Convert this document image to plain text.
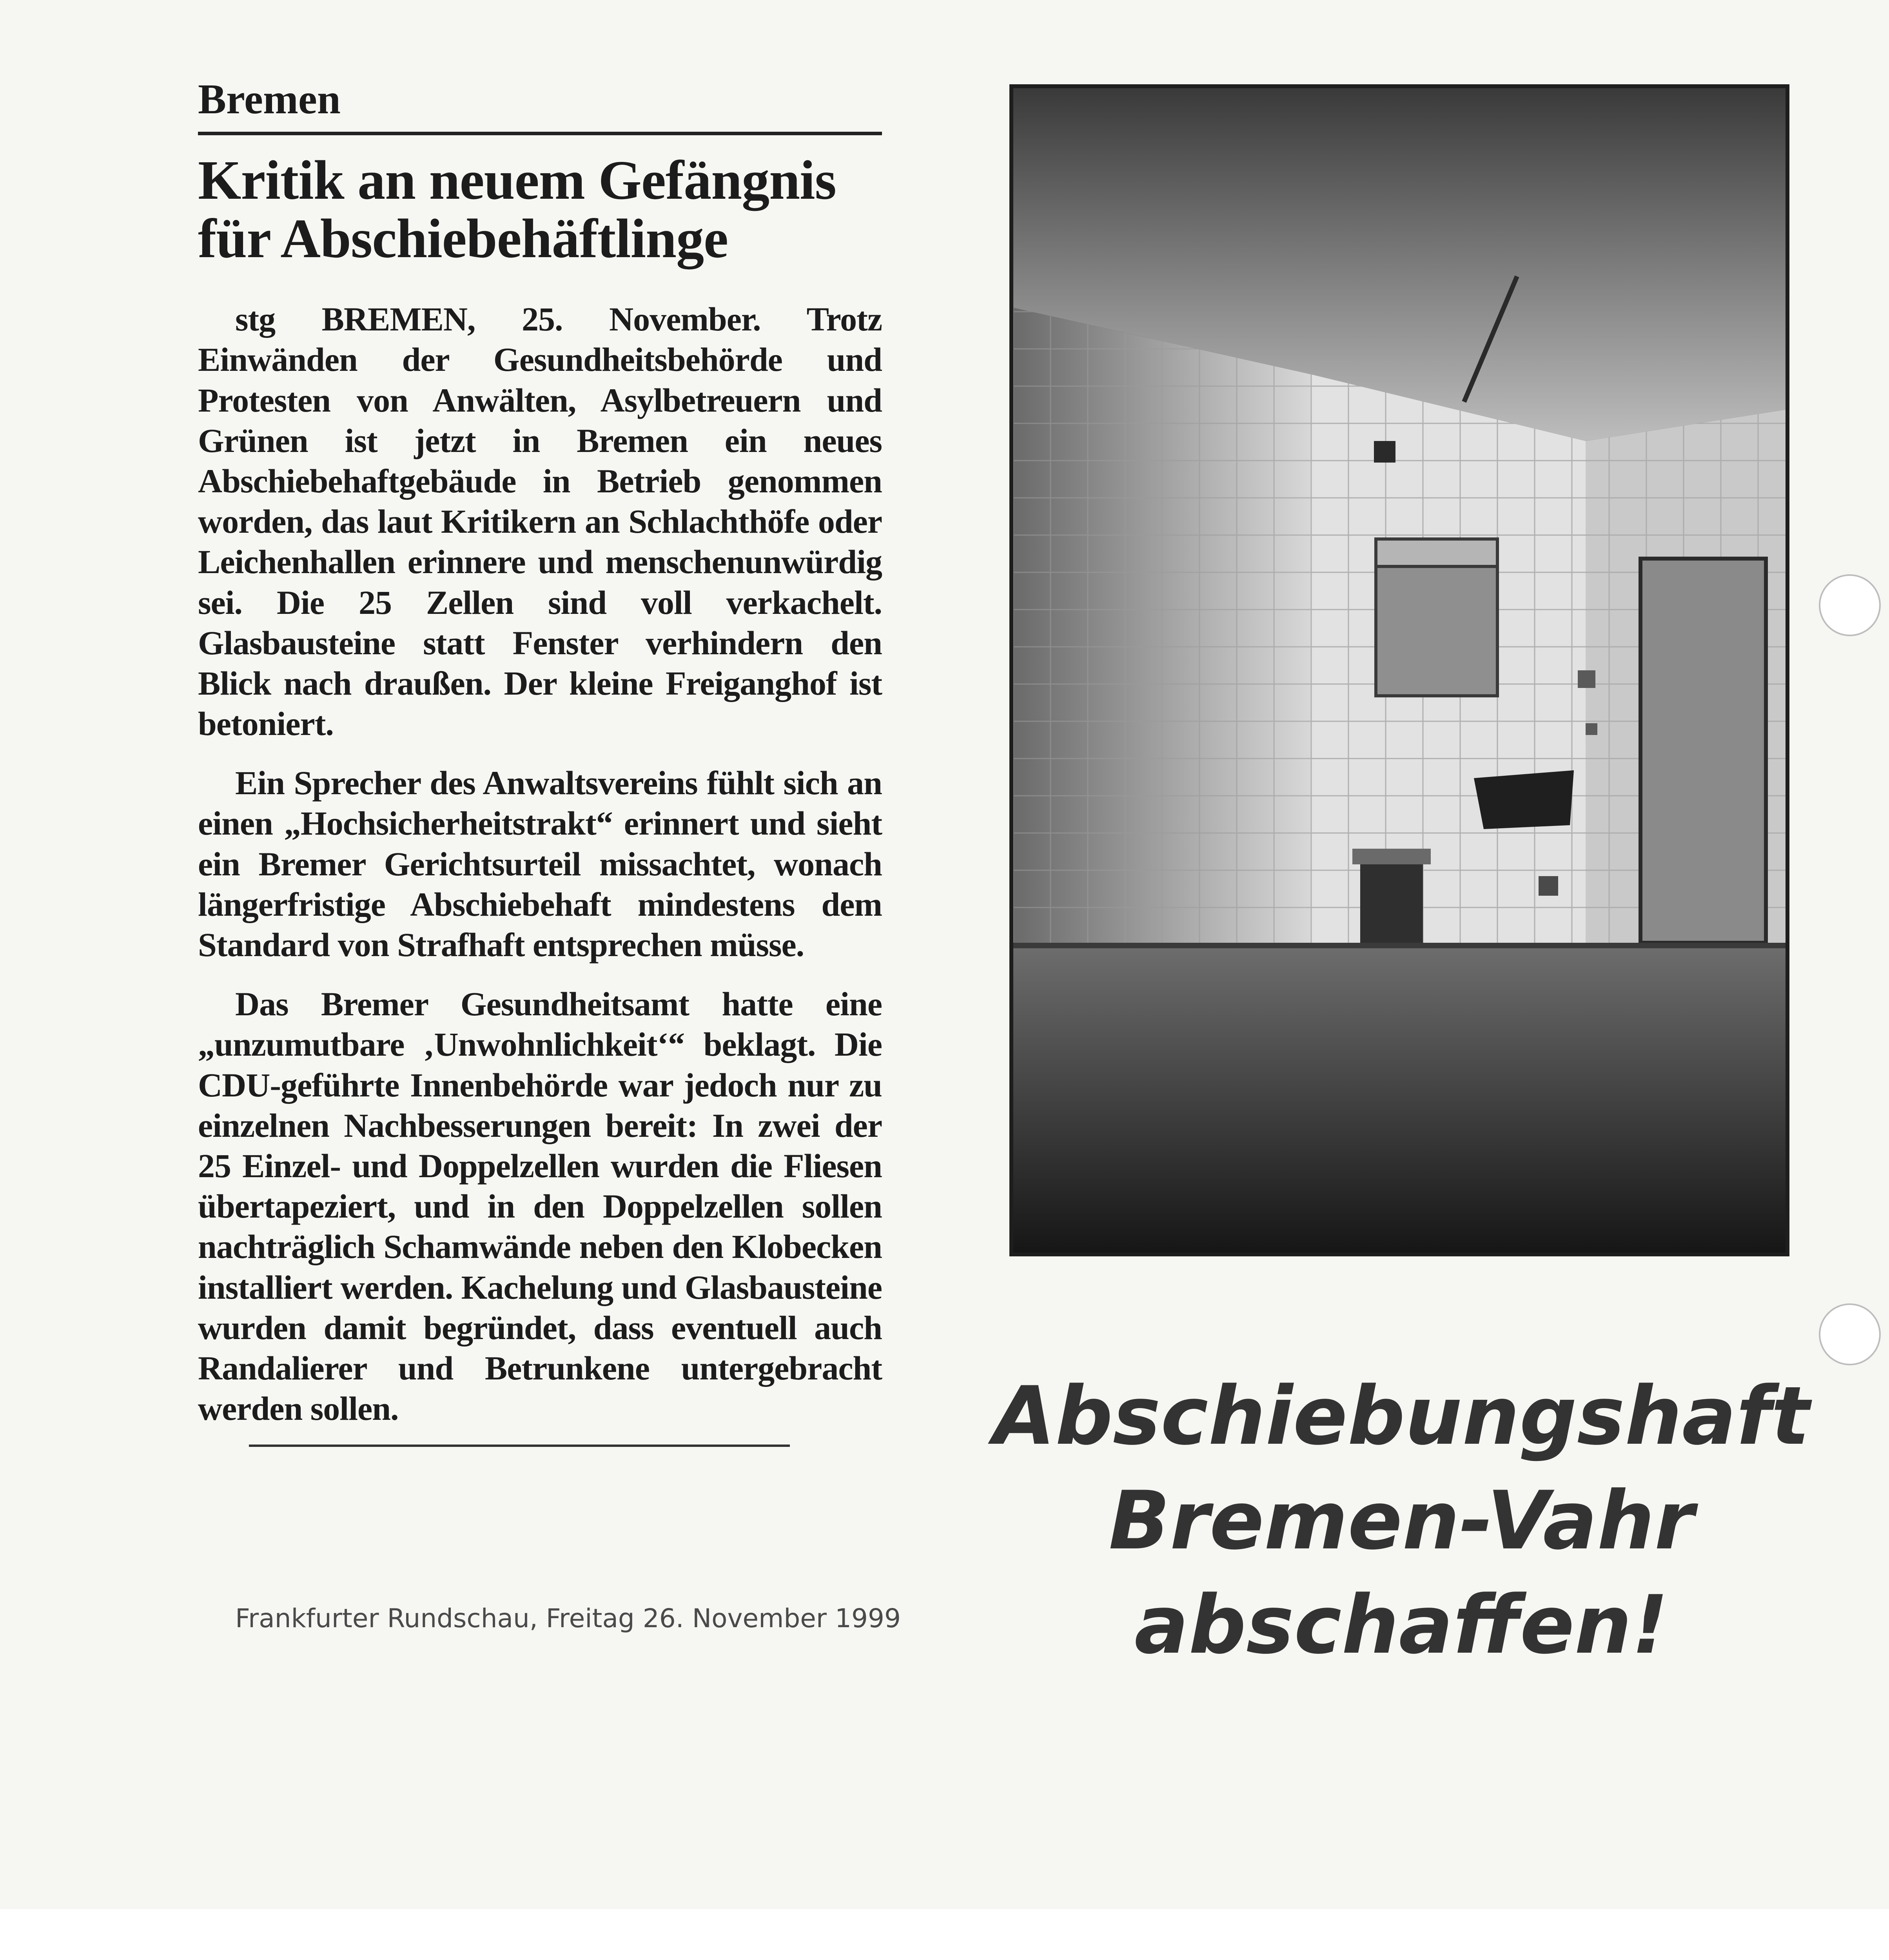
Bremen
Kritik an neuem Gefängnis
für Abschiebehäftlinge

stg BREMEN, 25. November. Trotz Einwänden der Gesundheitsbehörde und Protesten von Anwälten, Asylbetreuern und Grünen ist jetzt in Bremen ein neues Abschiebehaftgebäude in Betrieb genommen worden, das laut Kritikern an Schlachthöfe oder Leichenhallen erinnere und menschenunwürdig sei. Die 25 Zellen sind voll verkachelt. Glasbausteine statt Fenster verhindern den Blick nach draußen. Der kleine Freiganghof ist betoniert.

Ein Sprecher des Anwaltsvereins fühlt sich an einen „Hochsicherheitstrakt“ erinnert und sieht ein Bremer Gerichtsurteil missachtet, wonach längerfristige Abschiebehaft mindestens dem Standard von Strafhaft entsprechen müsse.

Das Bremer Gesundheitsamt hatte eine „unzumutbare ‚Unwohnlichkeit‘“ beklagt. Die CDU-geführte Innenbehörde war jedoch nur zu einzelnen Nachbesserungen bereit: In zwei der 25 Einzel- und Doppelzellen wurden die Fliesen übertapeziert, und in den Doppelzellen sollen nachträglich Schamwände neben den Klobecken installiert werden. Kachelung und Glasbausteine wurden damit begründet, dass eventuell auch Randalierer und Betrunkene untergebracht werden sollen.

Frankfurter Rundschau, Freitag 26. November 1999

Abschiebungshaft
Bremen-Vahr
abschaffen!
